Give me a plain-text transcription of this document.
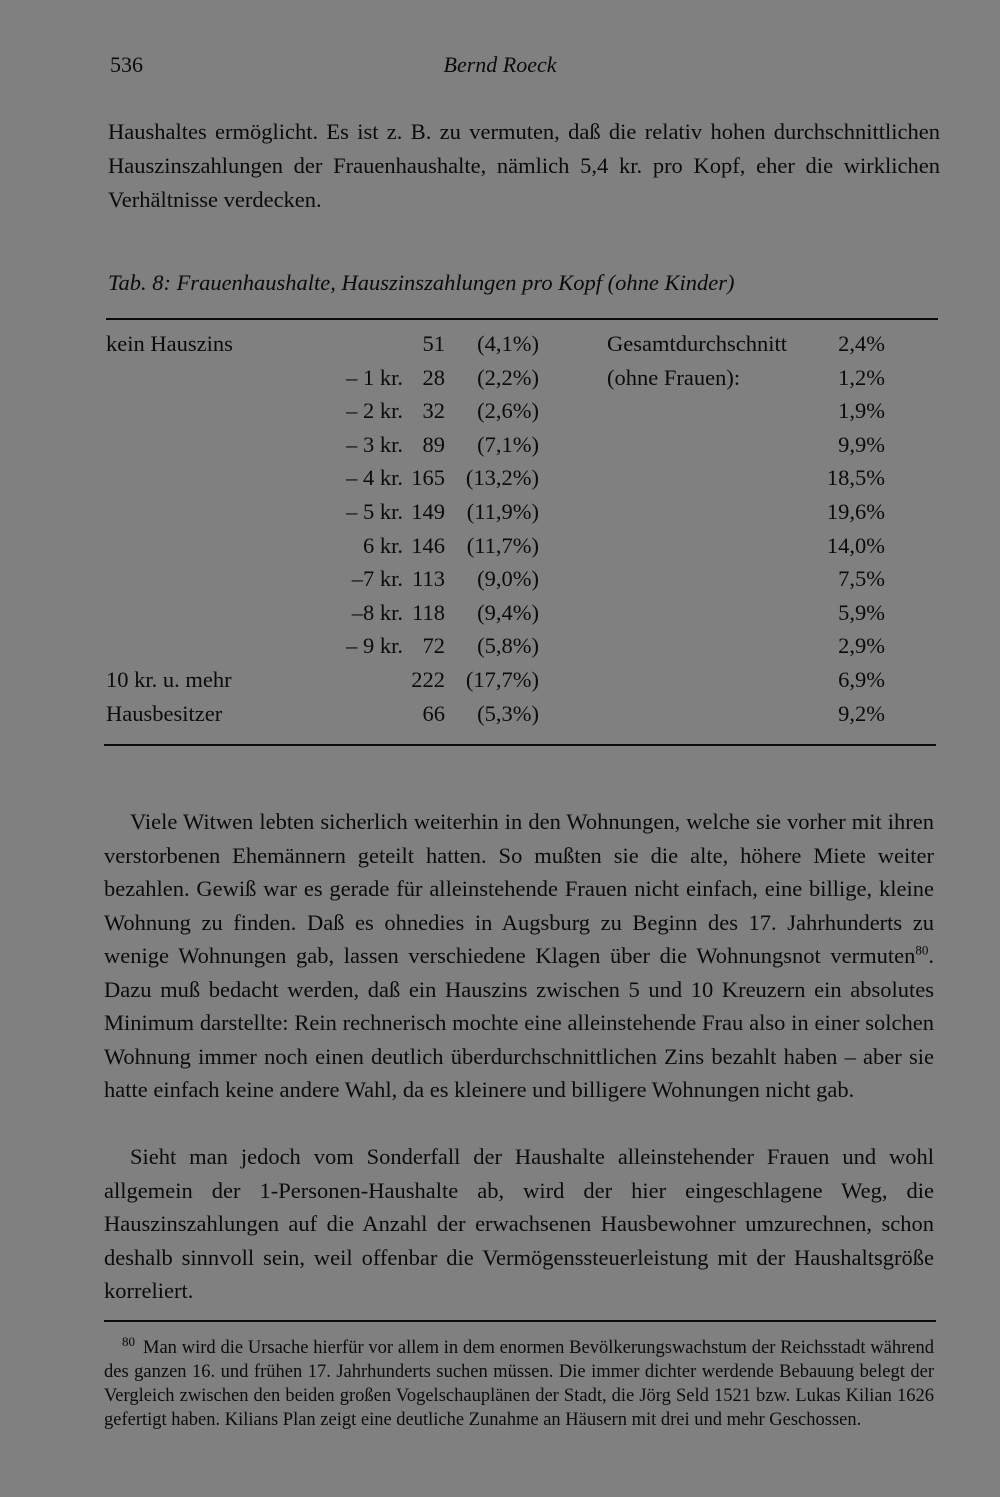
536	Bernd Roeck
Haushaltes ermöglicht. Es ist z. B. zu vermuten, daß die relativ hohen durchschnittlichen Hauszinszahlungen der Frauenhaushalte, nämlich 5,4 kr. pro Kopf, eher die wirklichen Verhältnisse verdecken.
Tab. 8: Frauenhaushalte, Hauszinszahlungen pro Kopf (ohne Kinder)
kein Hauszins	51 (4,1%)	Gesamtdurchschnitt 2,4%
– 1 kr. 28 (2,2%)	(ohne Frauen):	1,2%
– 2 kr. 32 (2,6%)	1,9%
– 3 kr. 89 (7,1%)	9,9%
– 4 kr. 165 (13,2%)	18,5%
– 5 kr. 149 (11,9%)	19,6%
6 kr. 146 (11,7%)	14,0%
–7 kr. 113 (9,0%)	7,5%
–8 kr. 118 (9,4%)	5,9%
– 9 kr. 72 (5,8%)	2,9%
10 kr. u. mehr	222 (17,7%)	6,9%
Hausbesitzer	66 (5,3%)	9,2%
Viele Witwen lebten sicherlich weiterhin in den Wohnungen, welche sie vorher mit ihren verstorbenen Ehemännern geteilt hatten. So mußten sie die alte, höhere Miete weiter bezahlen. Gewiß war es gerade für alleinstehende Frauen nicht einfach, eine billige, kleine Wohnung zu finden. Daß es ohnedies in Augsburg zu Beginn des 17. Jahrhunderts zu wenige Wohnungen gab, lassen verschiedene Klagen über die Wohnungsnot vermuten$^{80}$. Dazu muß bedacht werden, daß ein Hauszins zwischen 5 und 10 Kreuzern ein absolutes Minimum darstellte: Rein rechnerisch mochte eine alleinstehende Frau also in einer solchen Wohnung immer noch einen deutlich überdurchschnittlichen Zins bezahlt haben – aber sie hatte einfach keine andere Wahl, da es kleinere und billigere Wohnungen nicht gab.
Sieht man jedoch vom Sonderfall der Haushalte alleinstehender Frauen und wohl allgemein der 1-Personen-Haushalte ab, wird der hier eingeschlagene Weg, die Hauszinszahlungen auf die Anzahl der erwachsenen Hausbewohner umzurechnen, schon deshalb sinnvoll sein, weil offenbar die Vermögenssteuerleistung mit der Haushaltsgröße korreliert.
$^{80}$ Man wird die Ursache hierfür vor allem in dem enormen Bevölkerungswachstum der Reichsstadt während des ganzen 16. und frühen 17. Jahrhunderts suchen müssen. Die immer dichter werdende Bebauung belegt der Vergleich zwischen den beiden großen Vogelschauplänen der Stadt, die Jörg Seld 1521 bzw. Lukas Kilian 1626 gefertigt haben. Kilians Plan zeigt eine deutliche Zunahme an Häusern mit drei und mehr Geschossen.
